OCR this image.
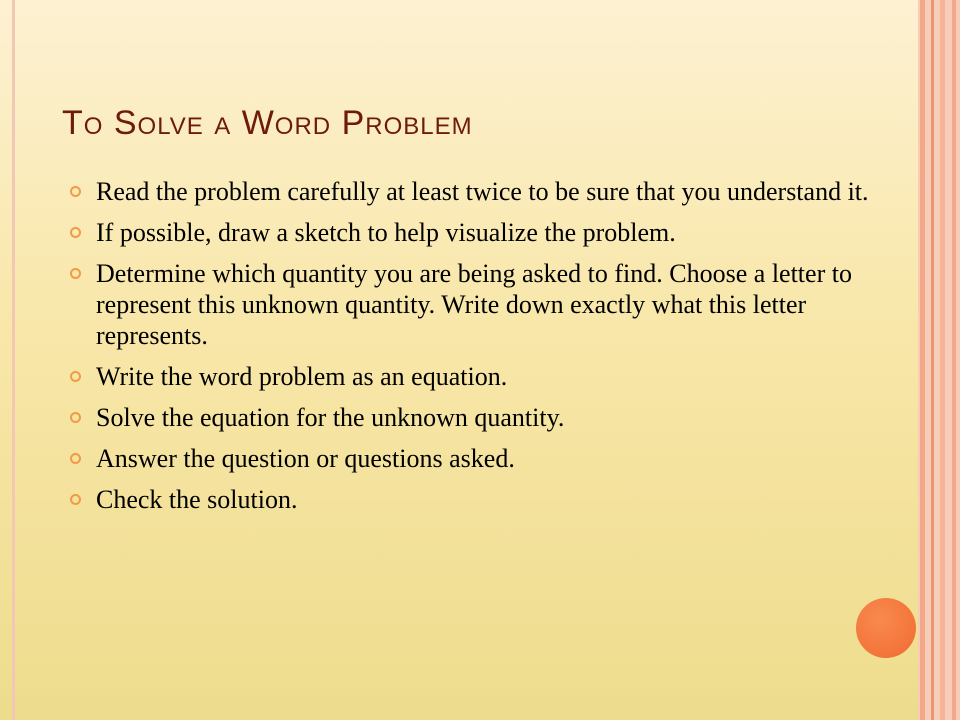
To Solve a Word Problem
Read the problem carefully at least twice to be sure that you understand it.
If possible, draw a sketch to help visualize the problem.
Determine which quantity you are being asked to find. Choose a letter to represent this unknown quantity. Write down exactly what this letter represents.
Write the word problem as an equation.
Solve the equation for the unknown quantity.
Answer the question or questions asked.
Check the solution.
